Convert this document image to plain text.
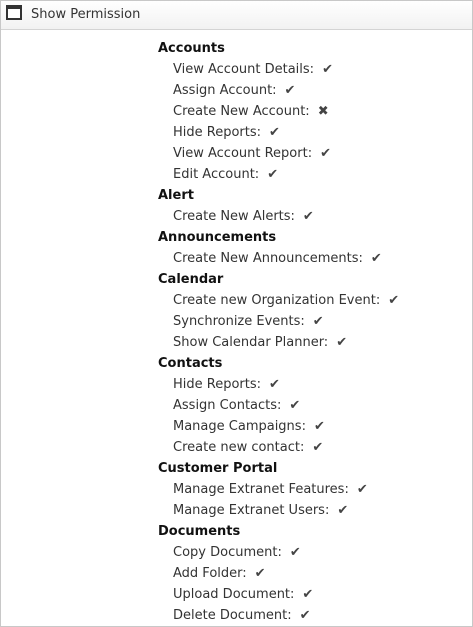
Show Permission
Accounts
View Account Details: ✔
Assign Account: ✔
Create New Account: ✖
Hide Reports: ✔
View Account Report: ✔
Edit Account: ✔
Alert
Create New Alerts: ✔
Announcements
Create New Announcements: ✔
Calendar
Create new Organization Event: ✔
Synchronize Events: ✔
Show Calendar Planner: ✔
Contacts
Hide Reports: ✔
Assign Contacts: ✔
Manage Campaigns: ✔
Create new contact: ✔
Customer Portal
Manage Extranet Features: ✔
Manage Extranet Users: ✔
Documents
Copy Document: ✔
Add Folder: ✔
Upload Document: ✔
Delete Document: ✔
